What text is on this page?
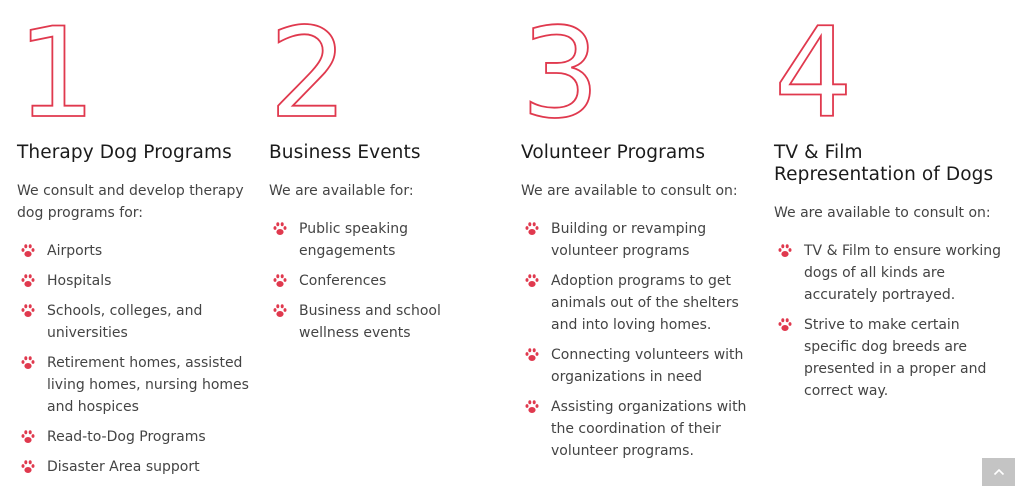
1
Therapy Dog Programs

We consult and develop therapy dog programs for:

Airports
Hospitals
Schools, colleges, and universities
Retirement homes, assisted living homes, nursing homes and hospices
Read-to-Dog Programs
Disaster Area support
2
Business Events

We are available for:

Public speaking engagements
Conferences
Business and school wellness events
3
Volunteer Programs

We are available to consult on:

Building or revamping volunteer programs
Adoption programs to get animals out of the shelters and into loving homes.
Connecting volunteers with organizations in need
Assisting organizations with the coordination of their volunteer programs.
4
TV & Film Representation of Dogs

We are available to consult on:

TV & Film to ensure working dogs of all kinds are accurately portrayed.
Strive to make certain specific dog breeds are presented in a proper and correct way.
